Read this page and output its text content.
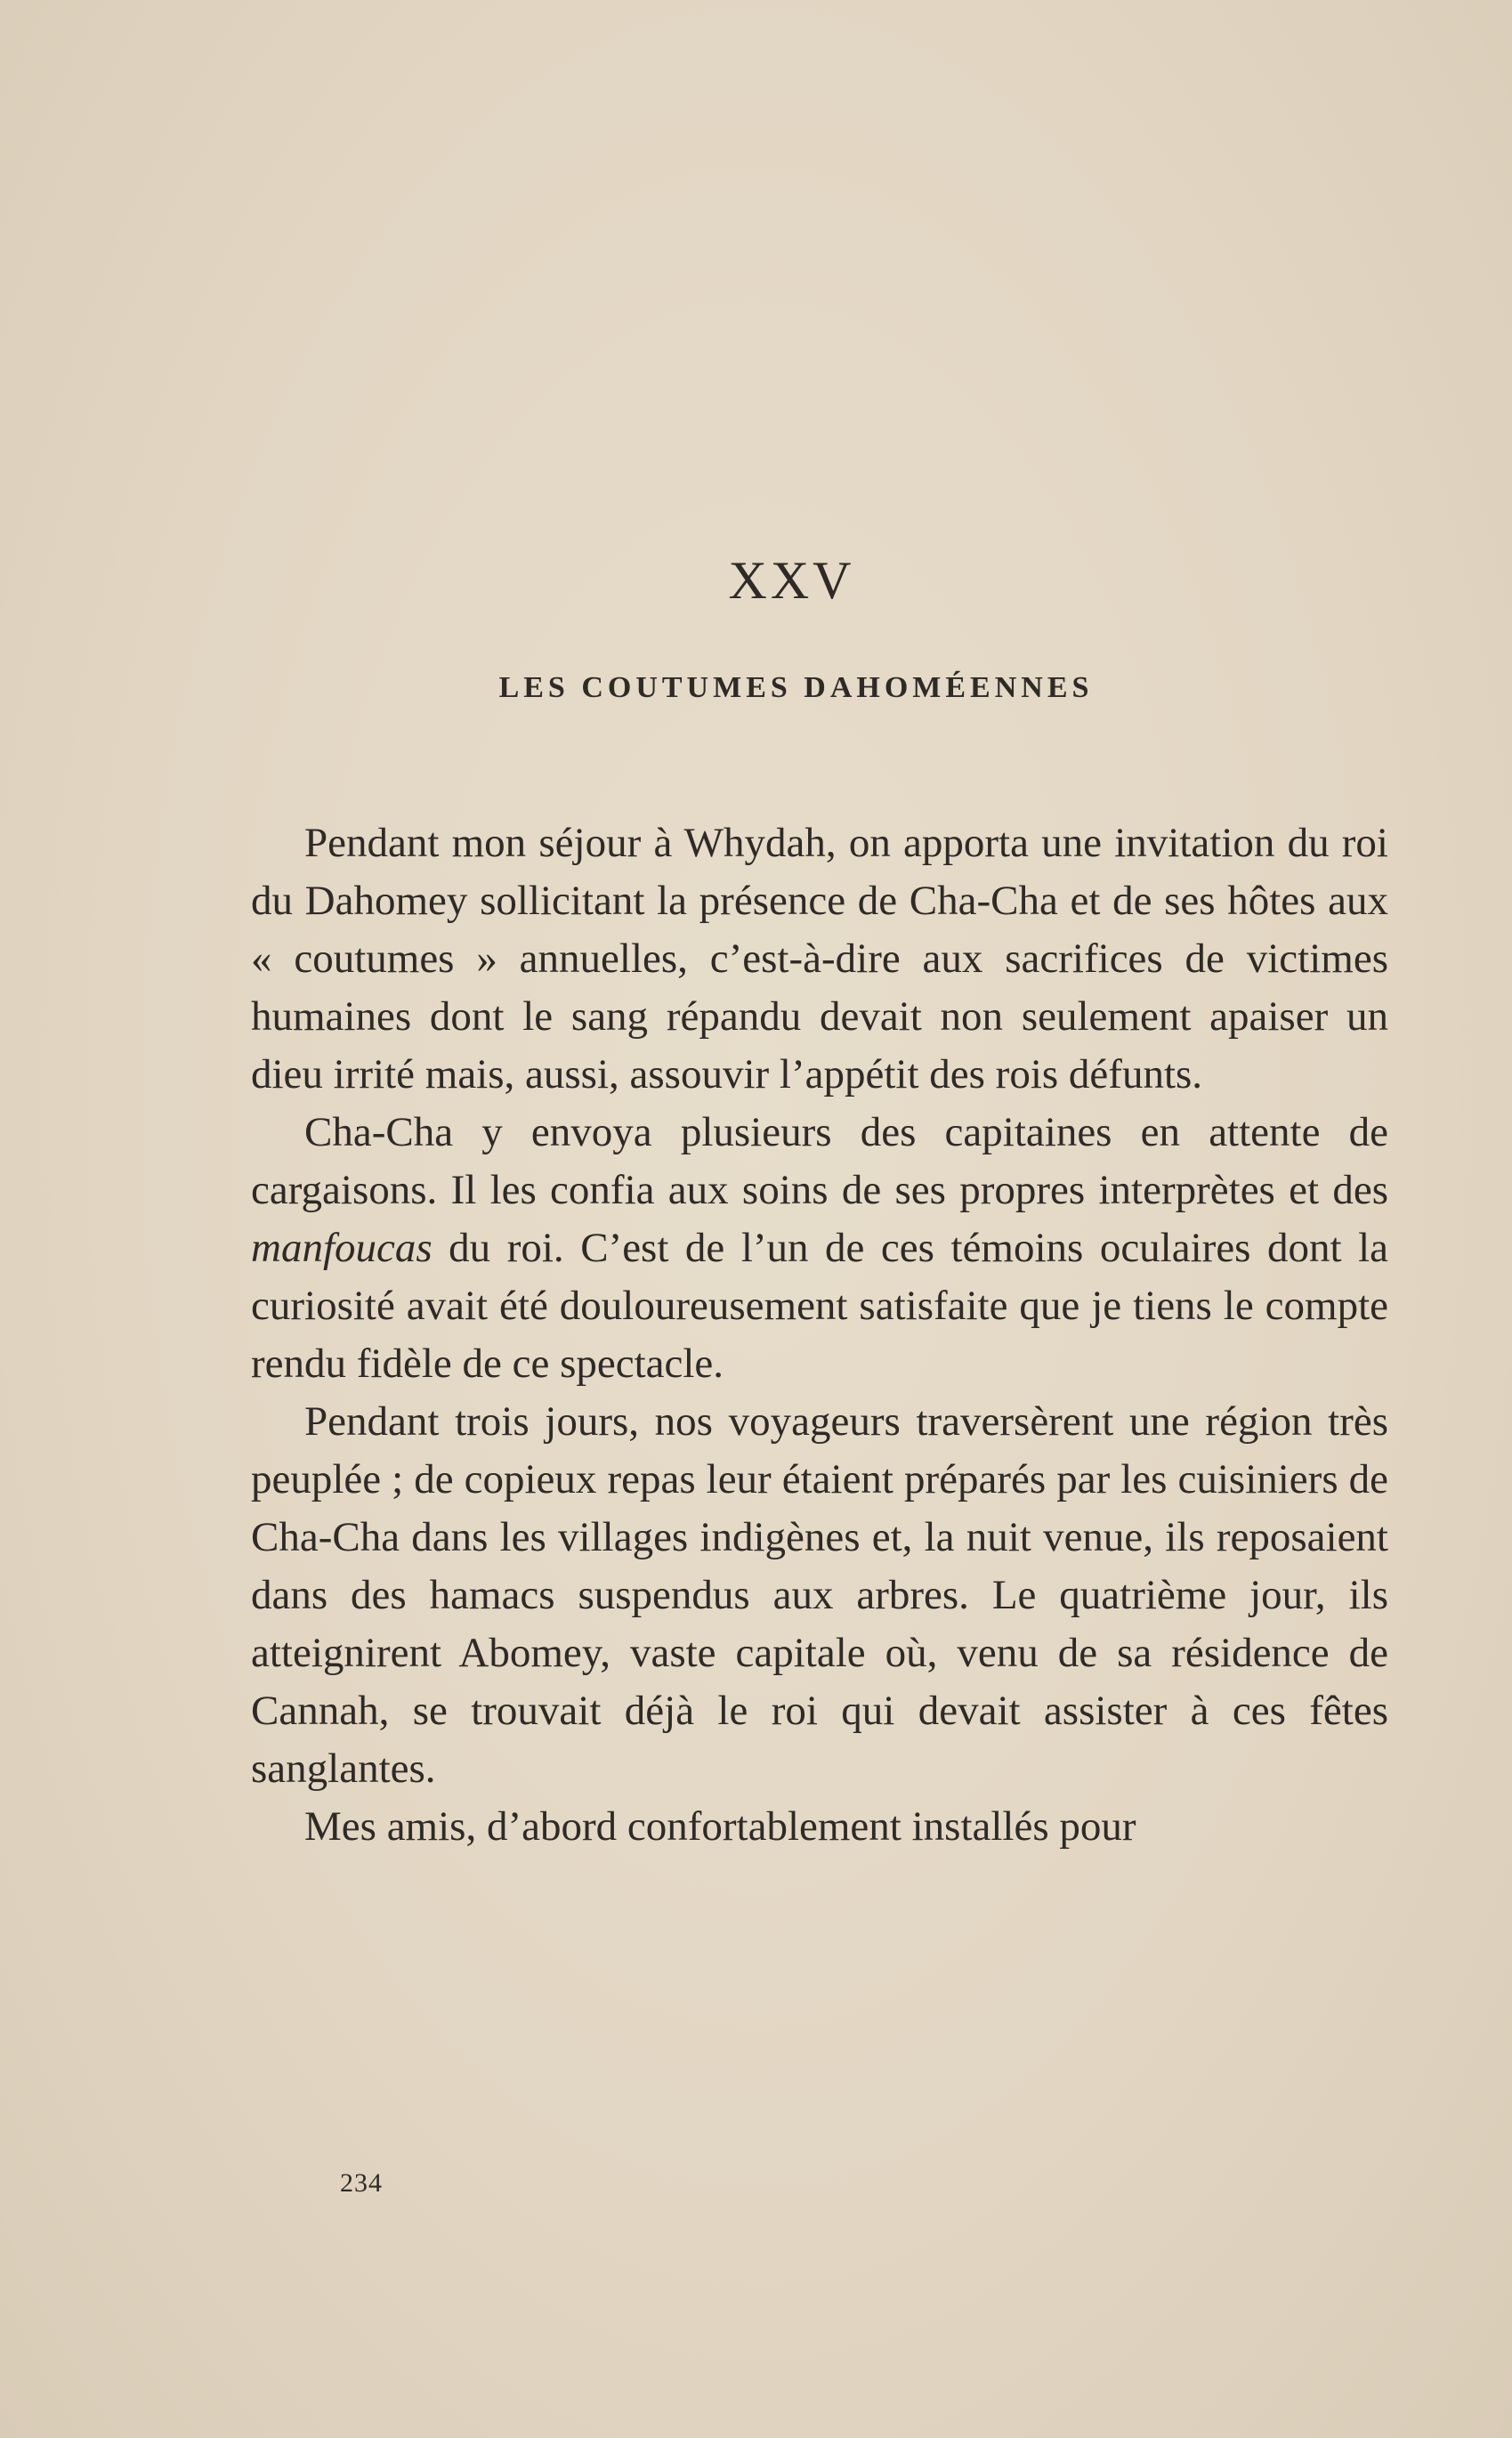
XXV
LES COUTUMES DAHOMÉENNES

Pendant mon séjour à Whydah, on apporta une invitation du roi du Dahomey sollicitant la présence de Cha-Cha et de ses hôtes aux « coutumes » annuelles, c’est-à-dire aux sacrifices de victimes humaines dont le sang répandu devait non seulement apaiser un dieu irrité mais, aussi, assouvir l’appétit des rois défunts.

Cha-Cha y envoya plusieurs des capitaines en attente de cargaisons. Il les confia aux soins de ses propres interprètes et des manfoucas du roi. C’est de l’un de ces témoins oculaires dont la curiosité avait été douloureusement satisfaite que je tiens le compte rendu fidèle de ce spectacle.

Pendant trois jours, nos voyageurs traversèrent une région très peuplée ; de copieux repas leur étaient préparés par les cuisiniers de Cha-Cha dans les villages indigènes et, la nuit venue, ils reposaient dans des hamacs suspendus aux arbres. Le quatrième jour, ils atteignirent Abomey, vaste capitale où, venu de sa résidence de Cannah, se trouvait déjà le roi qui devait assister à ces fêtes sanglantes.

Mes amis, d’abord confortablement installés pour

234
